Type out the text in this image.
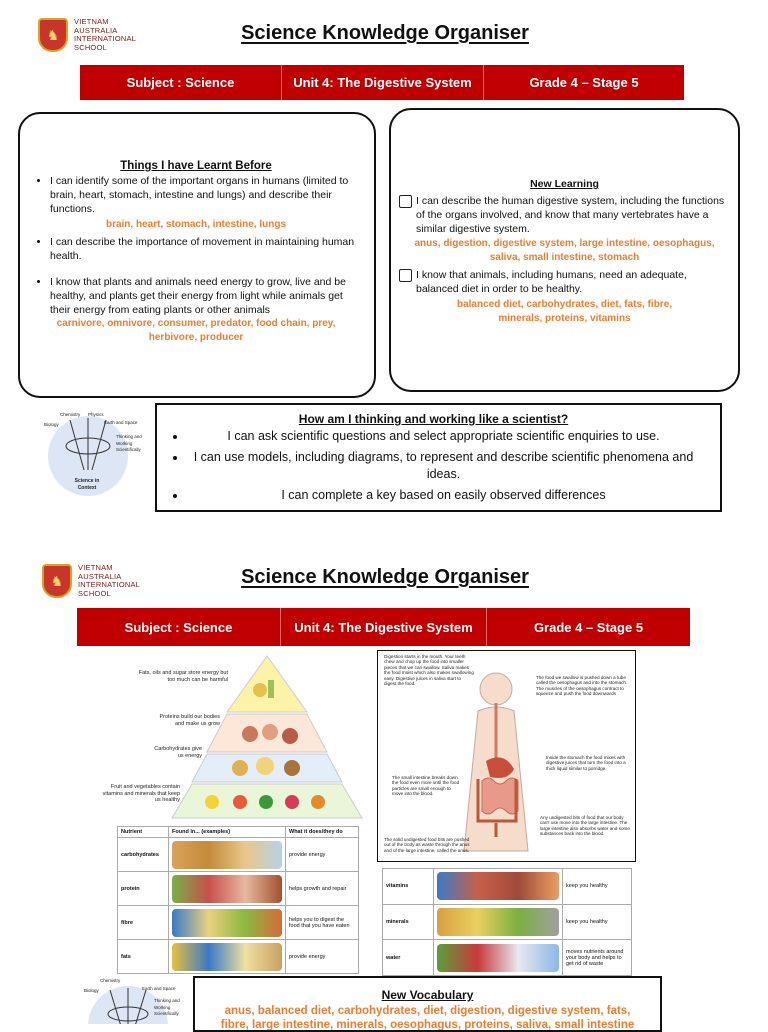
♞
VIETNAM
AUSTRALIA
INTERNATIONAL
SCHOOL
Science Knowledge Organiser
Subject : Science	Unit 4: The Digestive System	Grade 4 – Stage 5
Things I have Learnt Before
• I can identify some of the important organs in humans (limited to brain, heart, stomach, intestine and lungs) and describe their functions.
brain, heart, stomach, intestine, lungs
• I can describe the importance of movement in maintaining human health.
• I know that plants and animals need energy to grow, live and be healthy, and plants get their energy from light while animals get their energy from eating plants or other animals
carnivore, omnivore, consumer, predator, food chain, prey, herbivore, producer
New Learning
I can describe the human digestive system, including the functions of the organs involved, and know that many vertebrates have a similar digestive system.
anus, digestion, digestive system, large intestine, oesophagus, saliva, small intestine, stomach
I know that animals, including humans, need an adequate, balanced diet in order to be healthy.
balanced diet, carbohydrates, diet, fats, fibre, minerals, proteins, vitamins
Chemistry Physics
Biology	Earth and Space
Thinking and Working Scientifically
Science in Context
How am I thinking and working like a scientist?
• I can ask scientific questions and select appropriate scientific enquiries to use.
• I can use models, including diagrams, to represent and describe scientific phenomena and ideas.
• I can complete a key based on easily observed differences
♞
VIETNAM
AUSTRALIA
INTERNATIONAL
SCHOOL
Science Knowledge Organiser
Subject : Science	Unit 4: The Digestive System	Grade 4 – Stage 5
Fats, oils and sugar store energy but too much can be harmful
Proteins build our bodies and make us grow
Carbohydrates give us energy
Fruit and vegetables contain vitamins and minerals that keep us healthy
Nutrient	Found in... (examples)	What it does/they do
carbohydrates		provide energy
protein		helps growth and repair
fibre		helps you to digest the food that you have eaten
fats		provide energy
Digestion starts in the mouth. Your teeth chew and chop up the food into smaller pieces that we can swallow. Saliva makes the food moist which also makes swallowing easy. Digestive juices in saliva start to digest the food.
The food we swallow is pushed down a tube called the oesophagus and into the stomach. The muscles of the oesophagus contract to squeeze and push the food downwards
Inside the stomach the food mixes with digestive juices that turn the food into a thick liquid similar to porridge.
The small intestine breaks down the food even more until the food particles are small enough to move into the blood.
Any undigested bits of food that our body can't use move into the large intestine. The large intestine also absorbs water and some substances back into the blood.
The solid undigested food bits are pushed out of the body as waste through the anus and of the large intestine, called the anus.
vitamins		keep you healthy
minerals		keep you healthy
water		moves nutrients around your body and helps to get rid of waste
Chemistry
Biology	Earth and Space
Thinking and Working Scientifically
New Vocabulary
anus, balanced diet, carbohydrates, diet, digestion, digestive system, fats, fibre, large intestine, minerals, oesophagus, proteins, saliva, small intestine
